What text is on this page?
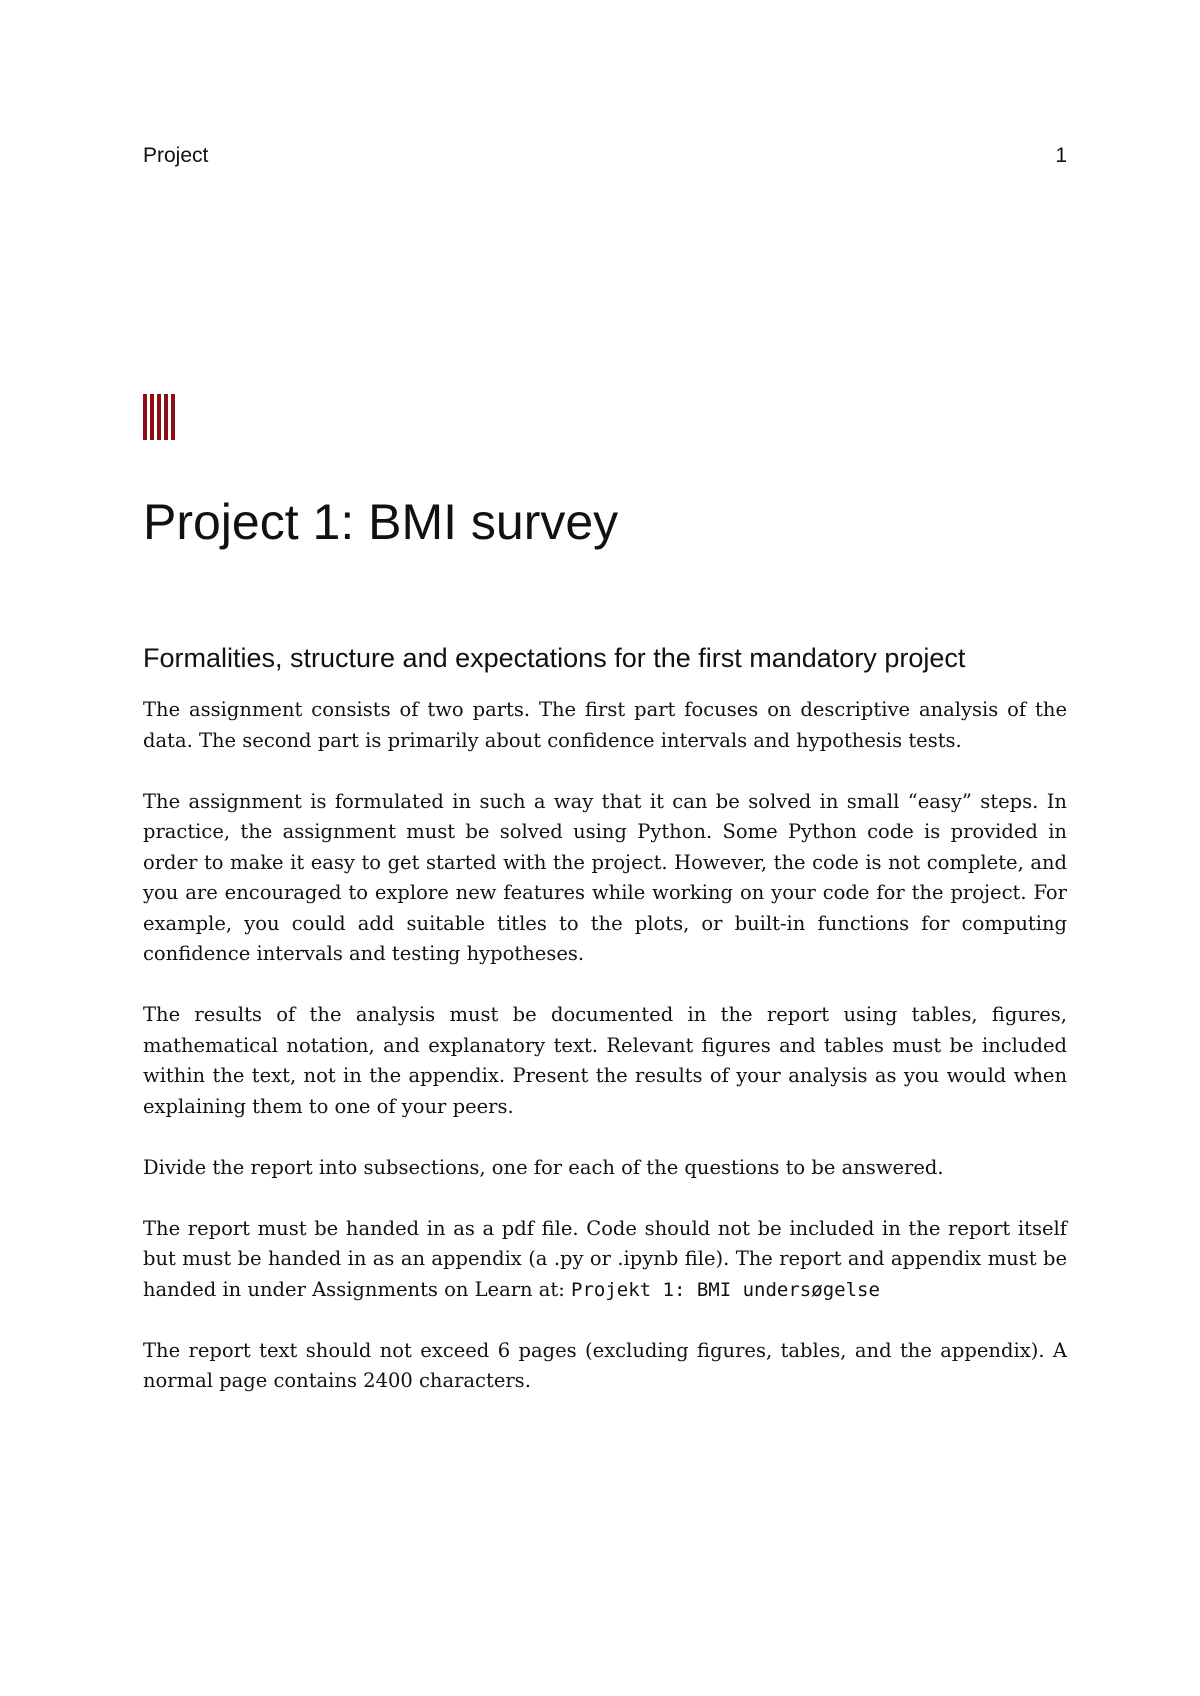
Project	1
Project 1: BMI survey
Formalities, structure and expectations for the first mandatory project

The assignment consists of two parts. The first part focuses on descriptive analysis of the data. The second part is primarily about confidence intervals and hypothesis tests.

The assignment is formulated in such a way that it can be solved in small “easy” steps. In practice, the assignment must be solved using Python. Some Python code is provided in order to make it easy to get started with the project. However, the code is not complete, and you are encouraged to explore new features while working on your code for the project. For example, you could add suitable titles to the plots, or built-in functions for computing confidence intervals and testing hypotheses.

The results of the analysis must be documented in the report using tables, figures, mathematical notation, and explanatory text. Relevant figures and tables must be included within the text, not in the appendix. Present the results of your analysis as you would when explaining them to one of your peers.

Divide the report into subsections, one for each of the questions to be answered.

The report must be handed in as a pdf file. Code should not be included in the report itself but must be handed in as an appendix (a .py or .ipynb file). The report and appendix must be handed in under Assignments on Learn at: Projekt 1: BMI undersøgelse

The report text should not exceed 6 pages (excluding figures, tables, and the appendix). A normal page contains 2400 characters.
